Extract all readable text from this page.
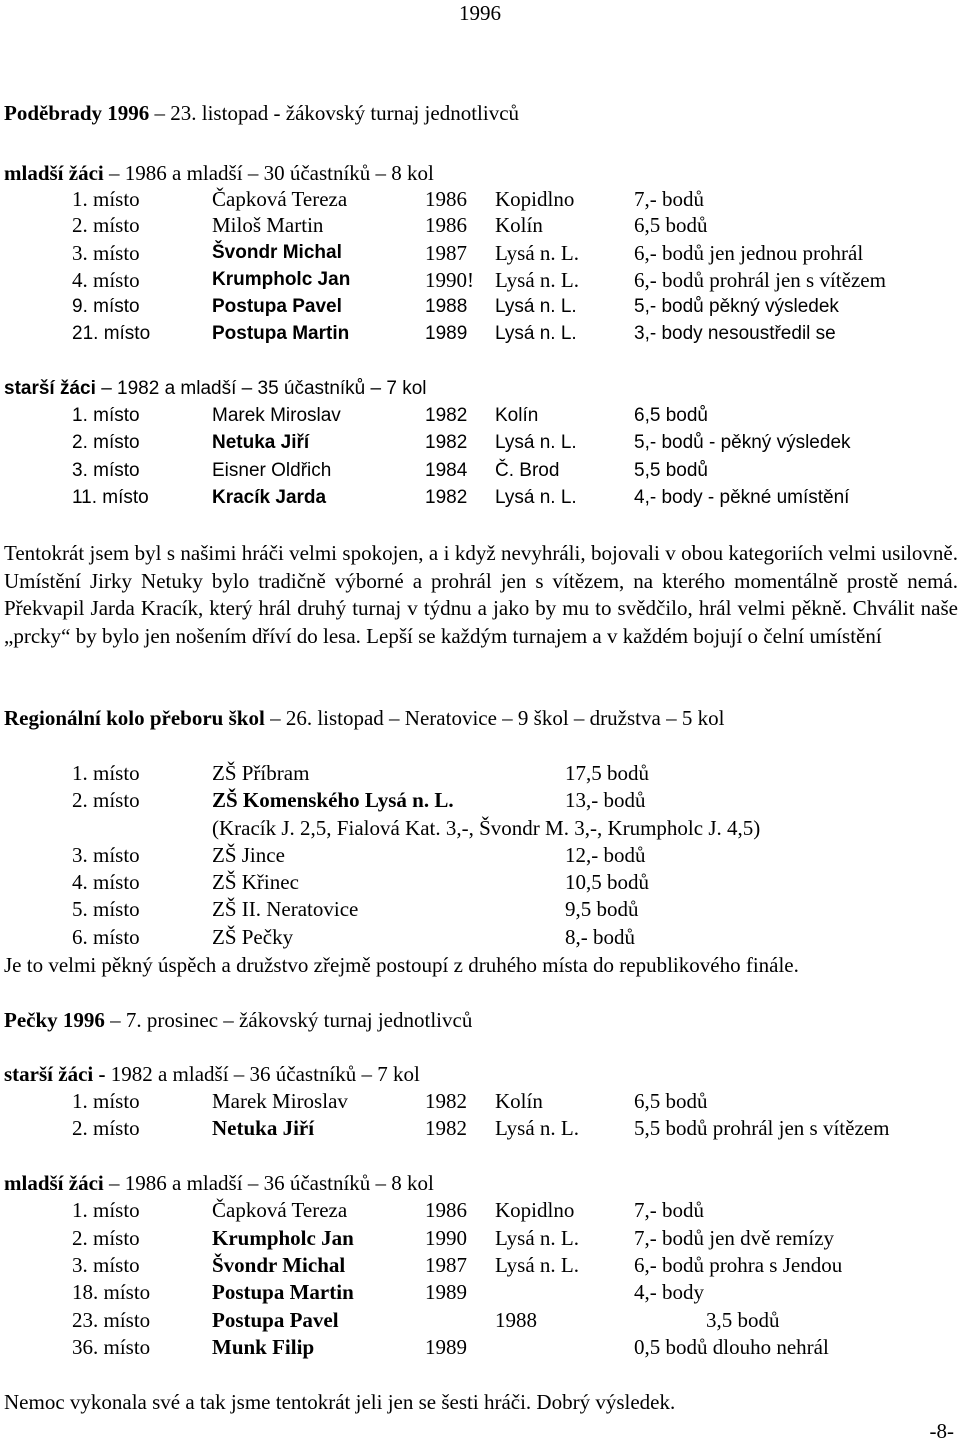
1996
Poděbrady 1996 – 23. listopad - žákovský turnaj jednotlivců
mladší žáci – 1986 a mladší – 30 účastníků – 8 kol
1. místo	Čapková Tereza	1986 Kopidlno	7,- bodů
2. místo	Miloš Martin	1986 Kolín	6,5 bodů
3. místo	Švondr Michal	1987 Lysá n. L.	6,- bodů jen jednou prohrál
4. místo	Krumpholc Jan	1990! Lysá n. L.	6,- bodů prohrál jen s vítězem
9. místo	Postupa Pavel	1988 Lysá n. L.	5,- bodů pěkný výsledek
21. místo	Postupa Martin	1989 Lysá n. L.	3,- body nesoustředil se
starší žáci – 1982 a mladší – 35 účastníků – 7 kol
1. místo	Marek Miroslav	1982 Kolín	6,5 bodů
2. místo	Netuka Jiří	1982 Lysá n. L.	5,- bodů - pěkný výsledek
3. místo	Eisner Oldřich	1984 Č. Brod	5,5 bodů
11. místo	Kracík Jarda	1982 Lysá n. L.	4,- body - pěkné umístění
Tentokrát jsem byl s našimi hráči velmi spokojen, a i když nevyhráli, bojovali v obou kategoriích velmi usilovně. Umístění Jirky Netuky bylo tradičně výborné a prohrál jen s vítězem, na kterého momentálně prostě nemá. Překvapil Jarda Kracík, který hrál druhý turnaj v týdnu a jako by mu to svědčilo, hrál velmi pěkně. Chválit naše „prcky“ by bylo jen nošením dříví do lesa. Lepší se každým turnajem a v každém bojují o čelní umístění
Regionální kolo přeboru škol – 26. listopad – Neratovice – 9 škol – družstva – 5 kol
1. místo	ZŠ Příbram	17,5 bodů
2. místo	ZŠ Komenského Lysá n. L.	13,- bodů
(Kracík J. 2,5, Fialová Kat. 3,-, Švondr M. 3,-, Krumpholc J. 4,5)
3. místo	ZŠ Jince	12,- bodů
4. místo	ZŠ Křinec	10,5 bodů
5. místo	ZŠ II. Neratovice	9,5 bodů
6. místo	ZŠ Pečky	8,- bodů
Je to velmi pěkný úspěch a družstvo zřejmě postoupí z druhého místa do republikového finále.
Pečky 1996 – 7. prosinec – žákovský turnaj jednotlivců
starší žáci - 1982 a mladší – 36 účastníků – 7 kol
1. místo	Marek Miroslav	1982 Kolín	6,5 bodů
2. místo	Netuka Jiří	1982 Lysá n. L.	5,5 bodů prohrál jen s vítězem
mladší žáci – 1986 a mladší – 36 účastníků – 8 kol
1. místo	Čapková Tereza	1986 Kopidlno	7,- bodů
2. místo	Krumpholc Jan	1990 Lysá n. L.	7,- bodů jen dvě remízy
3. místo	Švondr Michal	1987 Lysá n. L.	6,- bodů prohra s Jendou
18. místo	Postupa Martin	1989	4,- body
23. místo	Postupa Pavel	1988	3,5 bodů
36. místo	Munk Filip	1989	0,5 bodů dlouho nehrál
Nemoc vykonala své a tak jsme tentokrát jeli jen se šesti hráči. Dobrý výsledek.
-8-
